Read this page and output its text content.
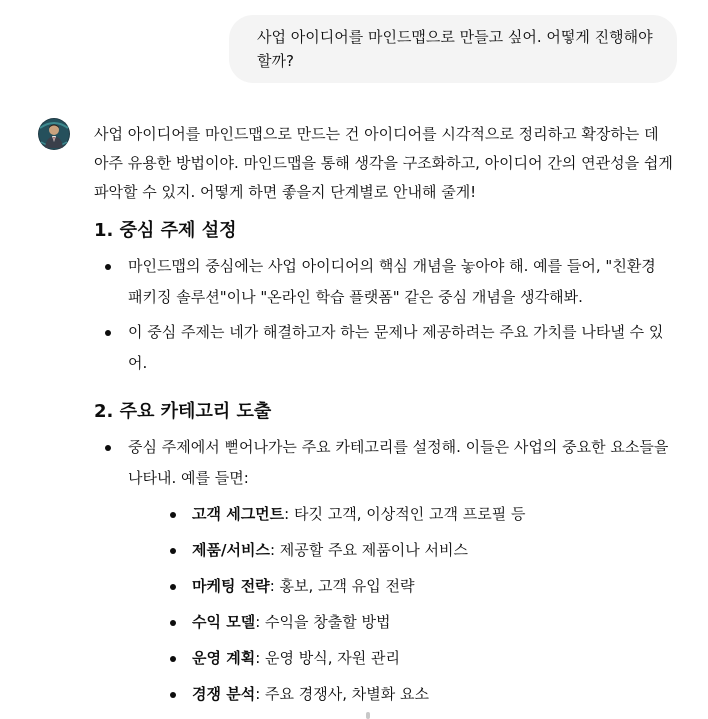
사업 아이디어를 마인드맵으로 만들고 싶어. 어떻게 진행해야 할까?

사업 아이디어를 마인드맵으로 만드는 건 아이디어를 시각적으로 정리하고 확장하는 데 아주 유용한 방법이야. 마인드맵을 통해 생각을 구조화하고, 아이디어 간의 연관성을 쉽게 파악할 수 있지. 어떻게 하면 좋을지 단계별로 안내해 줄게!

1. 중심 주제 설정
마인드맵의 중심에는 사업 아이디어의 핵심 개념을 놓아야 해. 예를 들어, "친환경 패키징 솔루션"이나 "온라인 학습 플랫폼" 같은 중심 개념을 생각해봐.
이 중심 주제는 네가 해결하고자 하는 문제나 제공하려는 주요 가치를 나타낼 수 있어.
2. 주요 카테고리 도출
중심 주제에서 뻗어나가는 주요 카테고리를 설정해. 이들은 사업의 중요한 요소들을 나타내. 예를 들면:
고객 세그먼트: 타깃 고객, 이상적인 고객 프로필 등
제품/서비스: 제공할 주요 제품이나 서비스
마케팅 전략: 홍보, 고객 유입 전략
수익 모델: 수익을 창출할 방법
운영 계획: 운영 방식, 자원 관리
경쟁 분석: 주요 경쟁사, 차별화 요소
